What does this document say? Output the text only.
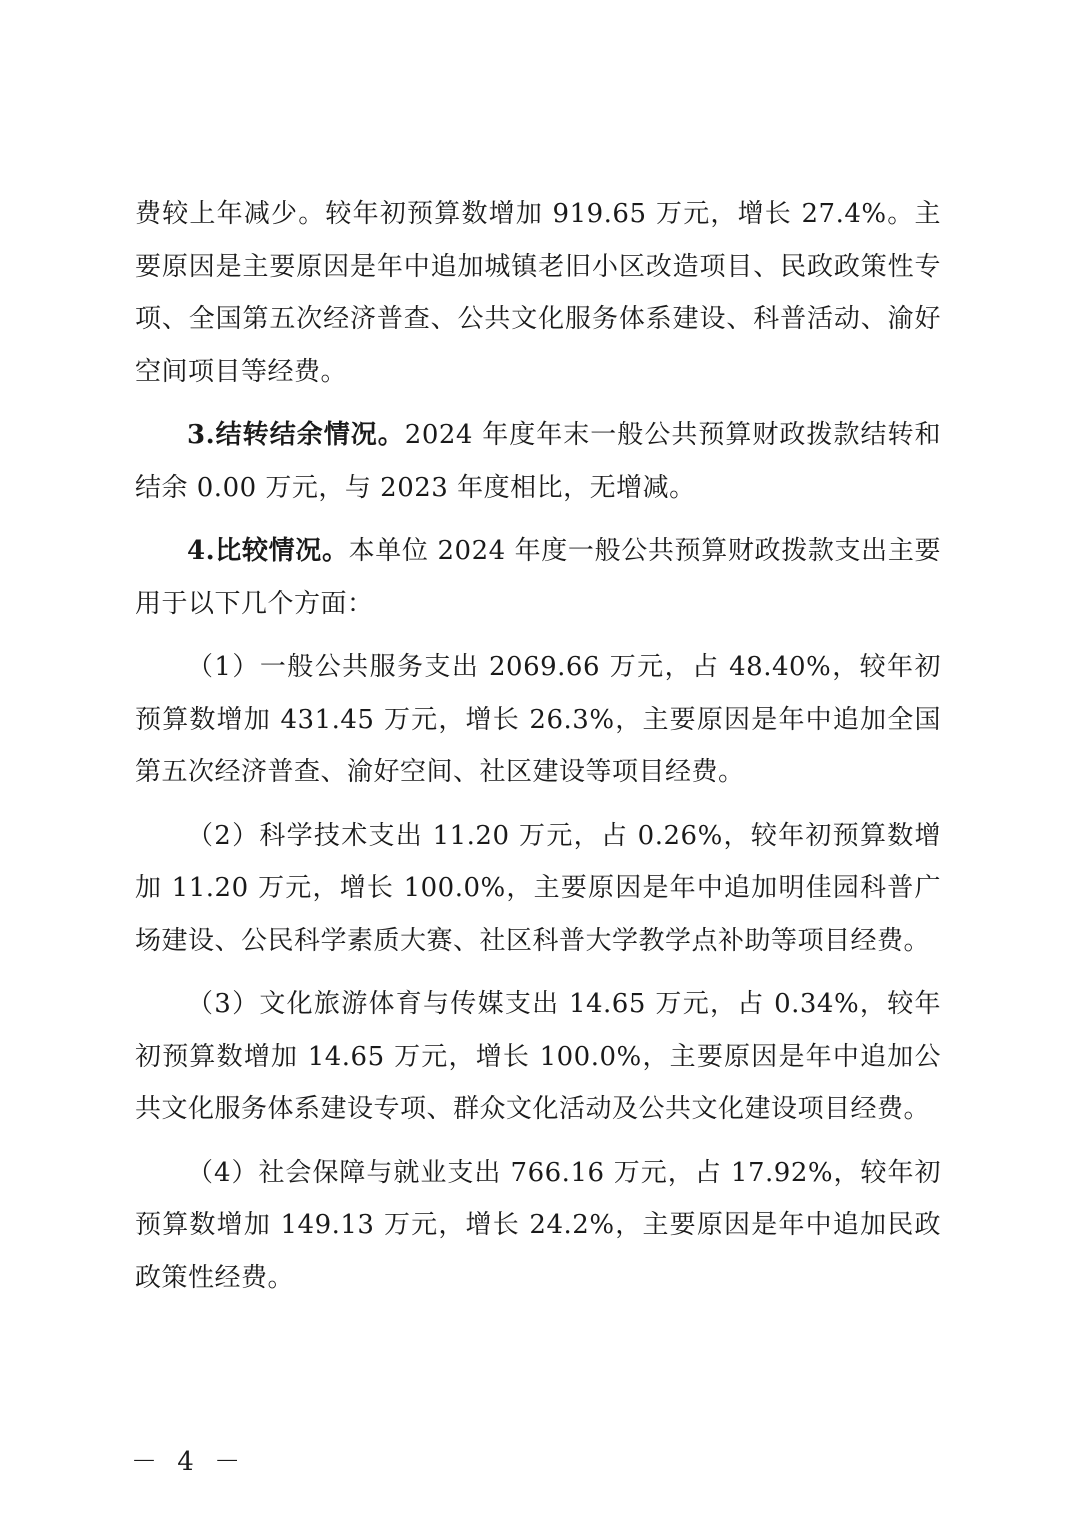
费较上年减少。较年初预算数增加 919.65 万元，增长 27.4%。主要原因是主要原因是年中追加城镇老旧小区改造项目、民政政策性专项、全国第五次经济普查、公共文化服务体系建设、科普活动、渝好空间项目等经费。

3.结转结余情况。2024 年度年末一般公共预算财政拨款结转和结余 0.00 万元，与 2023 年度相比，无增减。

4.比较情况。本单位 2024 年度一般公共预算财政拨款支出主要用于以下几个方面：

（1）一般公共服务支出 2069.66 万元，占 48.40%，较年初预算数增加 431.45 万元，增长 26.3%，主要原因是年中追加全国第五次经济普查、渝好空间、社区建设等项目经费。

（2）科学技术支出 11.20 万元，占 0.26%，较年初预算数增加 11.20 万元，增长 100.0%，主要原因是年中追加明佳园科普广场建设、公民科学素质大赛、社区科普大学教学点补助等项目经费。

（3）文化旅游体育与传媒支出 14.65 万元，占 0.34%，较年初预算数增加 14.65 万元，增长 100.0%，主要原因是年中追加公共文化服务体系建设专项、群众文化活动及公共文化建设项目经费。

（4）社会保障与就业支出 766.16 万元，占 17.92%，较年初预算数增加 149.13 万元，增长 24.2%，主要原因是年中追加民政政策性经费。

－ 4 －
